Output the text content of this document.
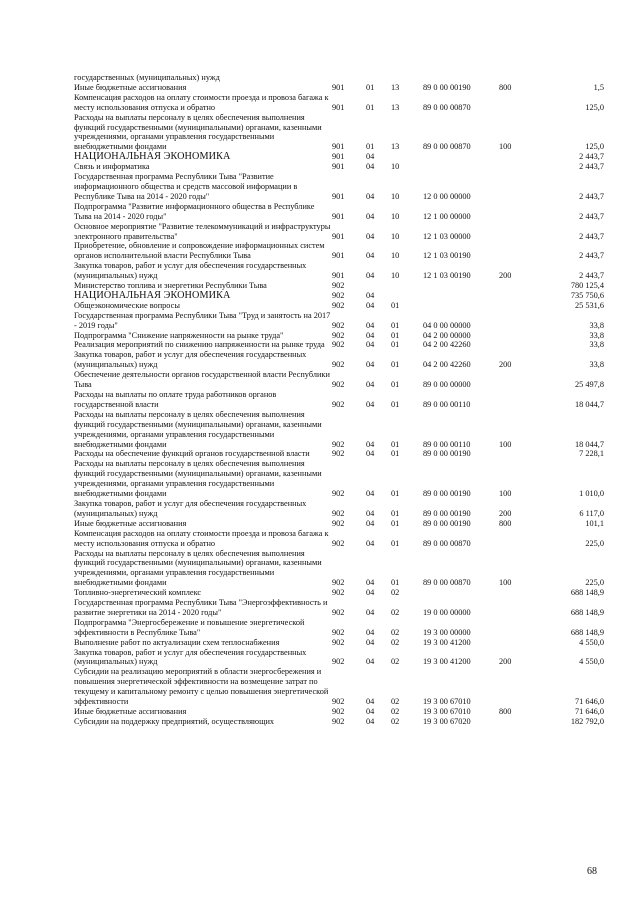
государственных (муниципальных) нужд						
Иные бюджетные ассигнования	901	01	13	89 0 00 00190	800	1,5
Компенсация расходов на оплату стоимости проезда и провоза багажа к месту использования отпуска и обратно	901	01	13	89 0 00 00870		125,0
Расходы на выплаты персоналу в целях обеспечения выполнения функций государственными (муниципальными) органами, казенными учреждениями, органами управления государственными внебюджетными фондами	901	01	13	89 0 00 00870	100	125,0
НАЦИОНАЛЬНАЯ ЭКОНОМИКА	901	04				2 443,7
Связь и информатика	901	04	10			2 443,7
Государственная программа Республики Тыва "Развитие информационного общества и средств массовой информации в Республике Тыва на 2014 - 2020 годы"	901	04	10	12 0 00 00000		2 443,7
Подпрограмма "Развитие информационного общества в Республике Тыва на 2014 - 2020 годы"	901	04	10	12 1 00 00000		2 443,7
Основное мероприятие "Развитие телекоммуникаций и инфраструктуры электронного правительства"	901	04	10	12 1 03 00000		2 443,7
Приобретение, обновление и сопровождение информационных систем органов исполнительной власти Республики Тыва	901	04	10	12 1 03 00190		2 443,7
Закупка товаров, работ и услуг для обеспечения государственных (муниципальных) нужд	901	04	10	12 1 03 00190	200	2 443,7
Министерство топлива и энергетики Республики Тыва	902					780 125,4
НАЦИОНАЛЬНАЯ ЭКОНОМИКА	902	04				735 750,6
Общеэкономические вопросы	902	04	01			25 531,6
Государственная программа Республики Тыва "Труд и занятость на 2017 - 2019 годы"	902	04	01	04 0 00 00000		33,8
Подпрограмма "Снижение напряженности на рынке труда"	902	04	01	04 2 00 00000		33,8
Реализация мероприятий по снижению напряженности на рынке труда	902	04	01	04 2 00 42260		33,8
Закупка товаров, работ и услуг для обеспечения государственных (муниципальных) нужд	902	04	01	04 2 00 42260	200	33,8
Обеспечение деятельности органов государственной власти Республики Тыва	902	04	01	89 0 00 00000		25 497,8
Расходы на выплаты по оплате труда работников органов государственной власти	902	04	01	89 0 00 00110		18 044,7
Расходы на выплаты персоналу в целях обеспечения выполнения функций государственными (муниципальными) органами, казенными учреждениями, органами управления государственными внебюджетными фондами	902	04	01	89 0 00 00110	100	18 044,7
Расходы на обеспечение функций органов государственной власти	902	04	01	89 0 00 00190		7 228,1
Расходы на выплаты персоналу в целях обеспечения выполнения функций государственными (муниципальными) органами, казенными учреждениями, органами управления государственными внебюджетными фондами	902	04	01	89 0 00 00190	100	1 010,0
Закупка товаров, работ и услуг для обеспечения государственных (муниципальных) нужд	902	04	01	89 0 00 00190	200	6 117,0
Иные бюджетные ассигнования	902	04	01	89 0 00 00190	800	101,1
Компенсация расходов на оплату стоимости проезда и провоза багажа к месту использования отпуска и обратно	902	04	01	89 0 00 00870		225,0
Расходы на выплаты персоналу в целях обеспечения выполнения функций государственными (муниципальными) органами, казенными учреждениями, органами управления государственными внебюджетными фондами	902	04	01	89 0 00 00870	100	225,0
Топливно-энергетический комплекс	902	04	02			688 148,9
Государственная программа Республики Тыва "Энергоэффективность и развитие энергетики на 2014 - 2020 годы"	902	04	02	19 0 00 00000		688 148,9
Подпрограмма "Энергосбережение и повышение энергетической эффективности в Республике Тыва"	902	04	02	19 3 00 00000		688 148,9
Выполнение работ по актуализации схем теплоснабжения	902	04	02	19 3 00 41200		4 550,0
Закупка товаров, работ и услуг для обеспечения государственных (муниципальных) нужд	902	04	02	19 3 00 41200	200	4 550,0
Субсидии на реализацию мероприятий в области энергосбережения и повышения энергетической эффективности на возмещение затрат по текущему и капитальному ремонту с целью повышения энергетической эффективности	902	04	02	19 3 00 67010		71 646,0
Иные бюджетные ассигнования	902	04	02	19 3 00 67010	800	71 646,0
Субсидии на поддержку предприятий, осуществляющих	902	04	02	19 3 00 67020		182 792,0
68
